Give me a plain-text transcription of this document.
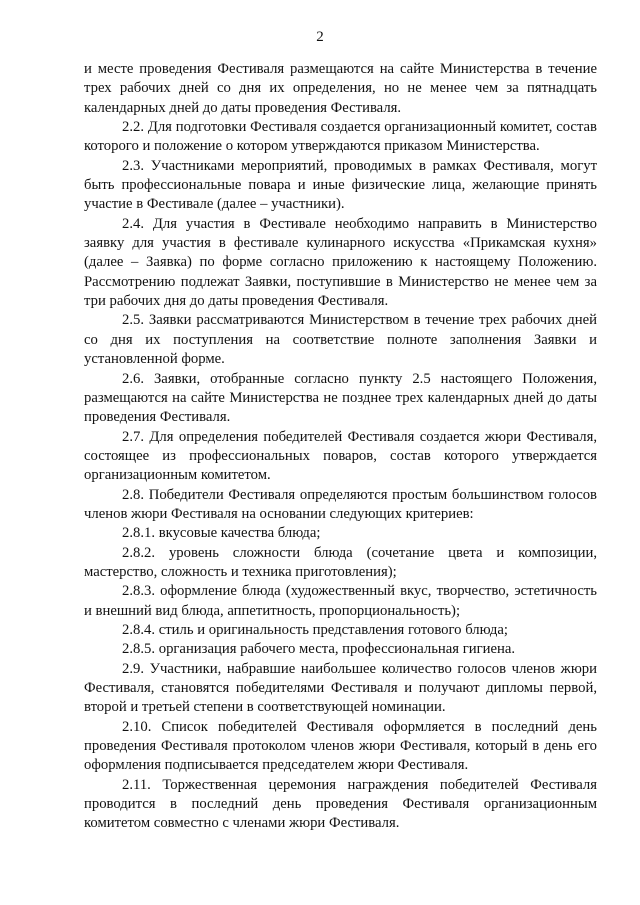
2

и месте проведения Фестиваля размещаются на сайте Министерства в течение трех рабочих дней со дня их определения, но не менее чем за пятнадцать календарных дней до даты проведения Фестиваля.

2.2. Для подготовки Фестиваля создается организационный комитет, состав которого и положение о котором утверждаются приказом Министерства.

2.3. Участниками мероприятий, проводимых в рамках Фестиваля, могут быть профессиональные повара и иные физические лица, желающие принять участие в Фестивале (далее – участники).

2.4. Для участия в Фестивале необходимо направить в Министерство заявку для участия в фестивале кулинарного искусства «Прикамская кухня» (далее – Заявка) по форме согласно приложению к настоящему Положению. Рассмотрению подлежат Заявки, поступившие в Министерство не менее чем за три рабочих дня до даты проведения Фестиваля.

2.5. Заявки рассматриваются Министерством в течение трех рабочих дней со дня их поступления на соответствие полноте заполнения Заявки и установленной форме.

2.6. Заявки, отобранные согласно пункту 2.5 настоящего Положения, размещаются на сайте Министерства не позднее трех календарных дней до даты проведения Фестиваля.

2.7. Для определения победителей Фестиваля создается жюри Фестиваля, состоящее из профессиональных поваров, состав которого утверждается организационным комитетом.

2.8. Победители Фестиваля определяются простым большинством голосов членов жюри Фестиваля на основании следующих критериев:

2.8.1. вкусовые качества блюда;

2.8.2. уровень сложности блюда (сочетание цвета и композиции, мастерство, сложность и техника приготовления);

2.8.3. оформление блюда (художественный вкус, творчество, эстетичность и внешний вид блюда, аппетитность, пропорциональность);

2.8.4. стиль и оригинальность представления готового блюда;

2.8.5. организация рабочего места, профессиональная гигиена.

2.9. Участники, набравшие наибольшее количество голосов членов жюри Фестиваля, становятся победителями Фестиваля и получают дипломы первой, второй и третьей степени в соответствующей номинации.

2.10. Список победителей Фестиваля оформляется в последний день проведения Фестиваля протоколом членов жюри Фестиваля, который в день его оформления подписывается председателем жюри Фестиваля.

2.11. Торжественная церемония награждения победителей Фестиваля проводится в последний день проведения Фестиваля организационным комитетом совместно с членами жюри Фестиваля.
